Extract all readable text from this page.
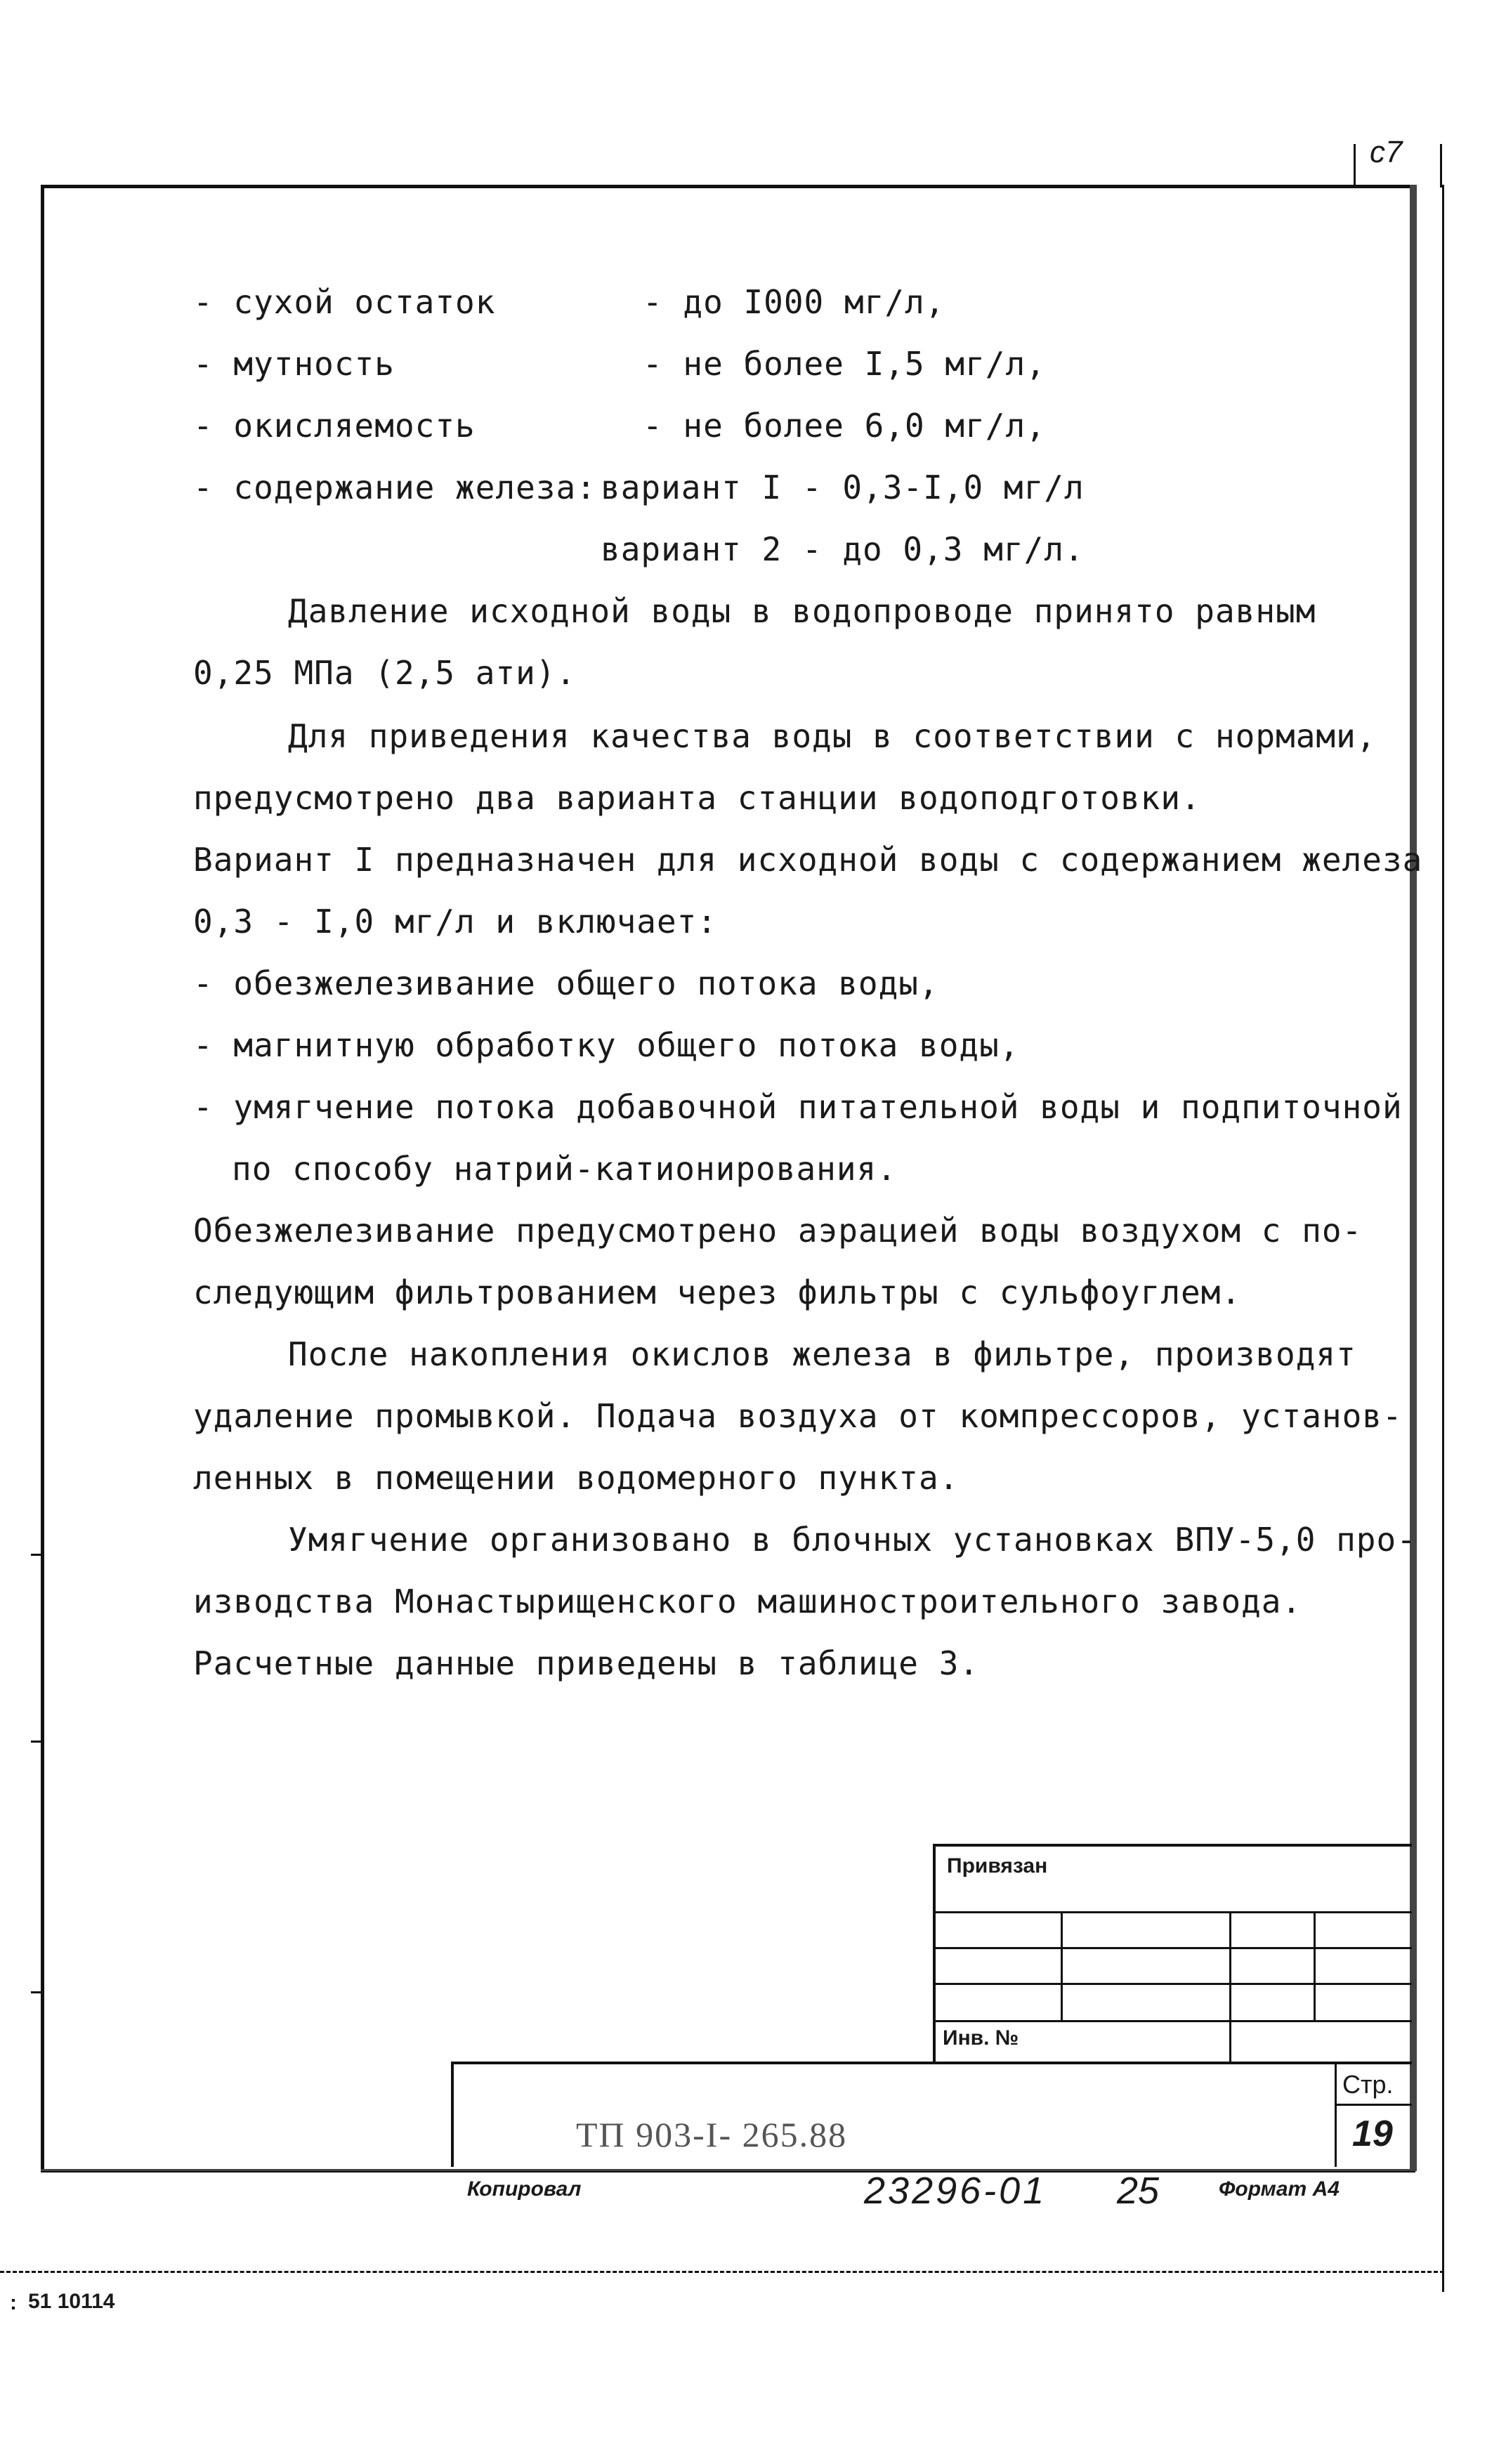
с7
- сухой остаток	- до I000 мг/л,
- мутность	- не более I,5 мг/л,
- окисляемость	- не более 6,0 мг/л,
- содержание железа: вариант I - 0,3-I,0 мг/л
вариант 2 - до 0,3 мг/л.
Давление исходной воды в водопроводе принято равным
0,25 МПа (2,5 ати).
Для приведения качества воды в соответствии с нормами,
предусмотрено два варианта станции водоподготовки.
Вариант I предназначен для исходной воды с содержанием железа
0,3 - I,0 мг/л и включает:
- обезжелезивание общего потока воды,
- магнитную обработку общего потока воды,
- умягчение потока добавочной питательной воды и подпиточной
по способу натрий-катионирования.
Обезжелезивание предусмотрено аэрацией воды воздухом с по-
следующим фильтрованием через фильтры с сульфоуглем.
После накопления окислов железа в фильтре, производят
удаление промывкой. Подача воздуха от компрессоров, установ-
ленных в помещении водомерного пункта.
Умягчение организовано в блочных установках ВПУ-5,0 про-
изводства Монастырищенского машиностроительного завода.
Расчетные данные приведены в таблице 3.
Привязан
Инв. №
Стр.
19
ТП 903-I- 265.88
Копировал	23296-01 25	Формат А4
51 10114
:
